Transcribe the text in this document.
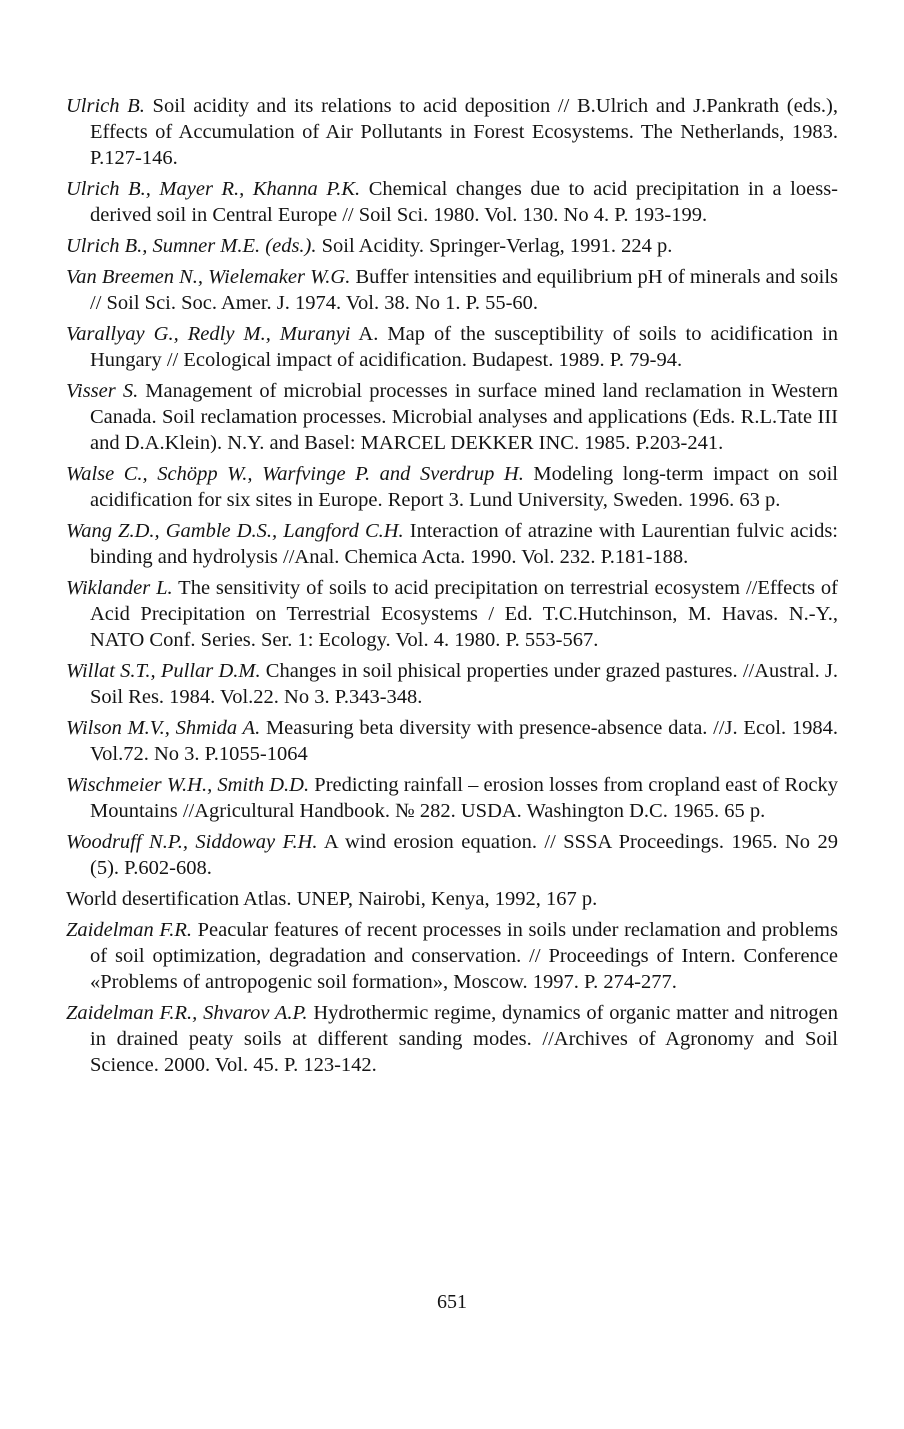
Ulrich B. Soil acidity and its relations to acid deposition // B.Ulrich and J.Pankrath (eds.), Effects of Accumulation of Air Pollutants in Forest Ecosystems. The Netherlands, 1983. P.127-146.

Ulrich B., Mayer R., Khanna P.K. Chemical changes due to acid precipitation in a loess-derived soil in Central Europe // Soil Sci. 1980. Vol. 130. No 4. P. 193-199.

Ulrich B., Sumner M.E. (eds.). Soil Acidity. Springer-Verlag, 1991. 224 p.

Van Breemen N., Wielemaker W.G. Buffer intensities and equilibrium pH of minerals and soils // Soil Sci. Soc. Amer. J. 1974. Vol. 38. No 1. P. 55-60.

Varallyay G., Redly M., Muranyi A. Map of the susceptibility of soils to acidification in Hungary // Ecological impact of acidification. Budapest. 1989. P. 79-94.

Visser S. Management of microbial processes in surface mined land reclamation in Western Canada. Soil reclamation processes. Microbial analyses and applications (Eds. R.L.Tate III and D.A.Klein). N.Y. and Basel: MARCEL DEKKER INC. 1985. P.203-241.

Walse C., Schöpp W., Warfvinge P. and Sverdrup H. Modeling long-term impact on soil acidification for six sites in Europe. Report 3. Lund University, Sweden. 1996. 63 p.

Wang Z.D., Gamble D.S., Langford C.H. Interaction of atrazine with Laurentian fulvic acids: binding and hydrolysis //Anal. Chemica Acta. 1990. Vol. 232. P.181-188.

Wiklander L. The sensitivity of soils to acid precipitation on terrestrial ecosystem //Effects of Acid Precipitation on Terrestrial Ecosystems / Ed. T.C.Hutchinson, M. Havas. N.-Y., NATO Conf. Series. Ser. 1: Ecology. Vol. 4. 1980. P. 553-567.

Willat S.T., Pullar D.M. Changes in soil phisical properties under grazed pastures. //Austral. J. Soil Res. 1984. Vol.22. No 3. P.343-348.

Wilson M.V., Shmida A. Measuring beta diversity with presence-absence data. //J. Ecol. 1984. Vol.72. No 3. P.1055-1064

Wischmeier W.H., Smith D.D. Predicting rainfall – erosion losses from cropland east of Rocky Mountains //Agricultural Handbook. № 282. USDA. Washington D.C. 1965. 65 p.

Woodruff N.P., Siddoway F.H. A wind erosion equation. // SSSA Proceedings. 1965. No 29 (5). P.602-608.

World desertification Atlas. UNEP, Nairobi, Kenya, 1992, 167 p.

Zaidelman F.R. Peacular features of recent processes in soils under reclamation and problems of soil optimization, degradation and conservation. // Proceedings of Intern. Conference «Problems of antropogenic soil formation», Moscow. 1997. P. 274-277.

Zaidelman F.R., Shvarov A.P. Hydrothermic regime, dynamics of organic matter and nitrogen in drained peaty soils at different sanding modes. //Archives of Agronomy and Soil Science. 2000. Vol. 45. P. 123-142.

651
